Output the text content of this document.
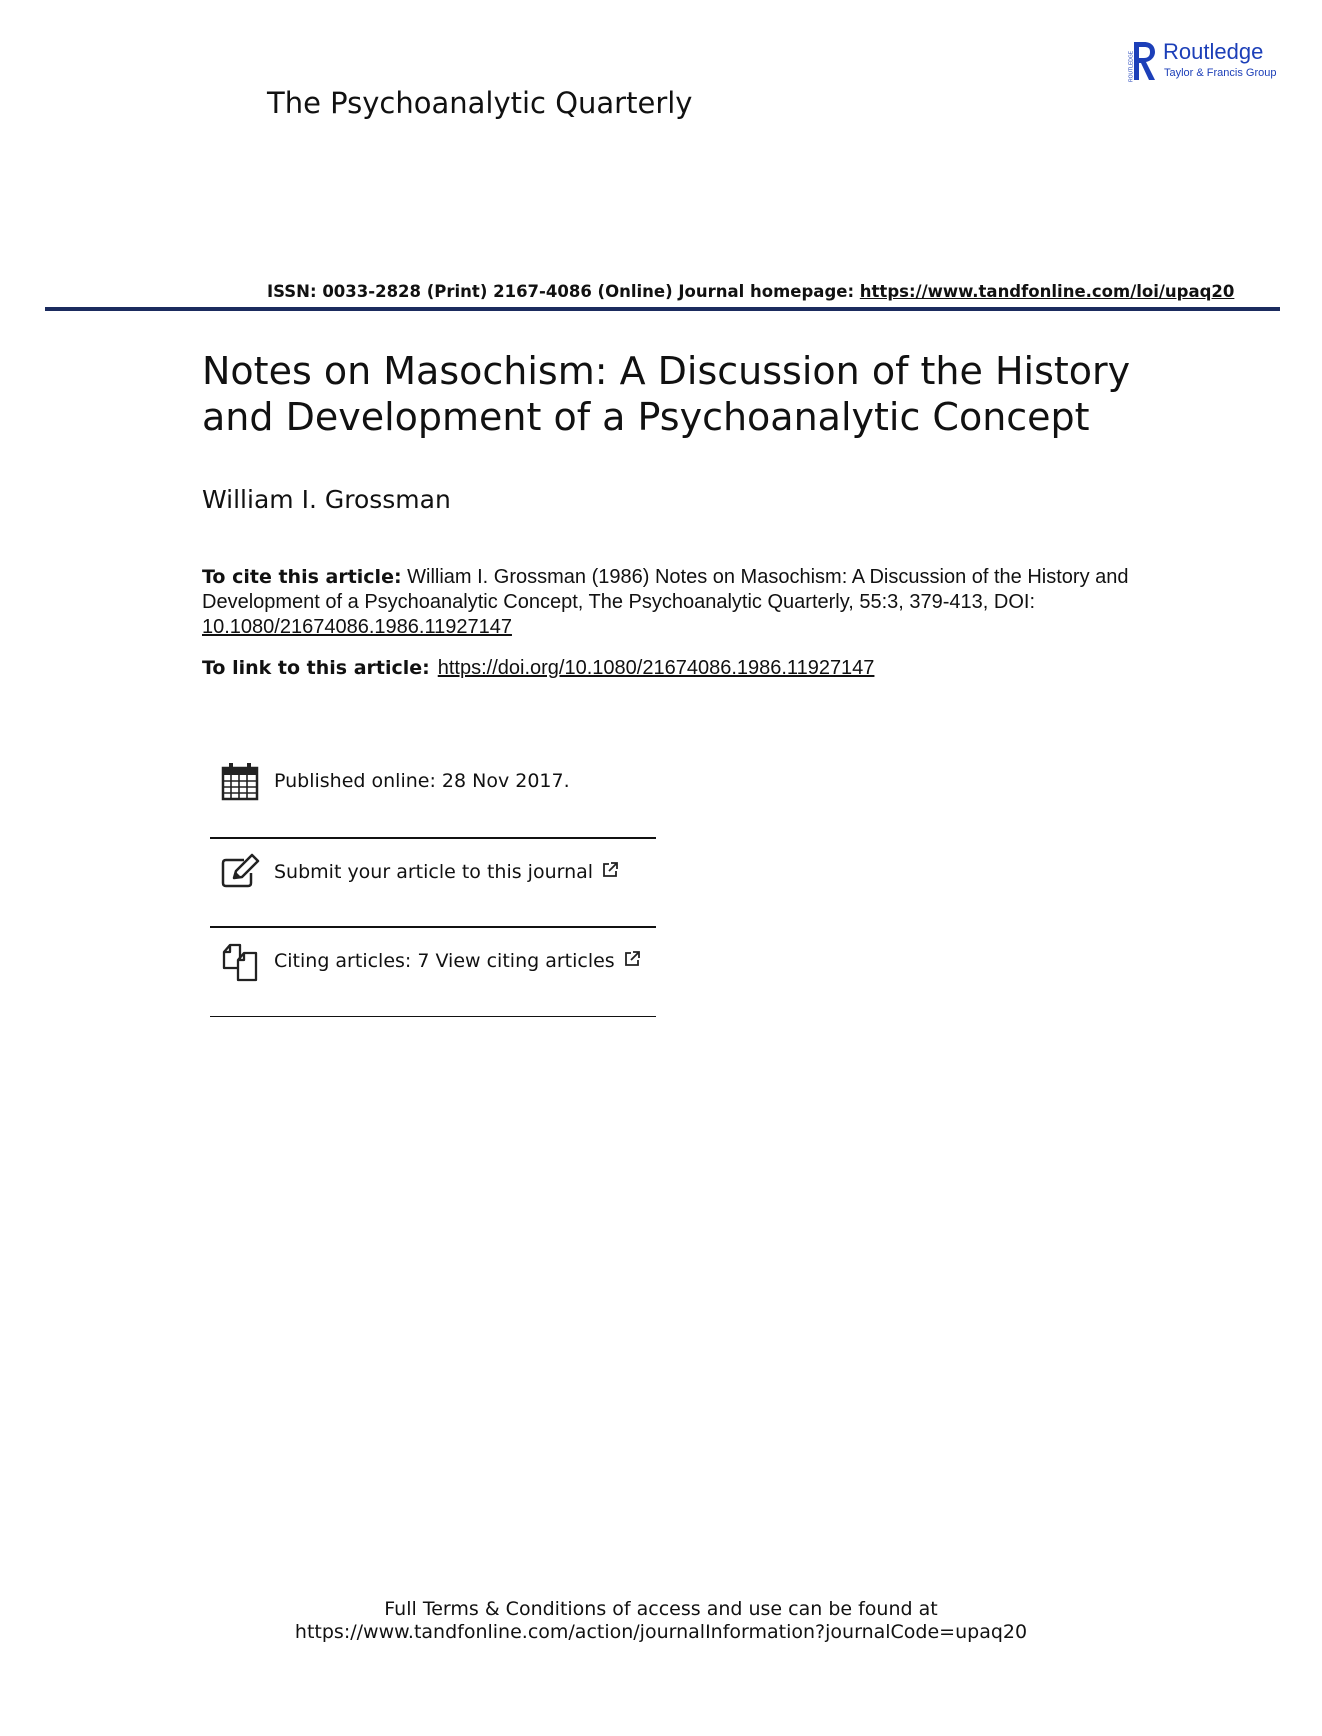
The Psychoanalytic Quarterly
ROUTLEDGE Routledge
Taylor & Francis Group
ISSN: 0033-2828 (Print) 2167-4086 (Online) Journal homepage: https://www.tandfonline.com/loi/upaq20
Notes on Masochism: A Discussion of the History and Development of a Psychoanalytic Concept
William I. Grossman
To cite this article: William I. Grossman (1986) Notes on Masochism: A Discussion of the History and Development of a Psychoanalytic Concept, The Psychoanalytic Quarterly, 55:3, 379-413, DOI: 10.1080/21674086.1986.11927147
To link to this article: https://doi.org/10.1080/21674086.1986.11927147
Published online: 28 Nov 2017.
Submit your article to this journal
Citing articles: 7 View citing articles
Full Terms & Conditions of access and use can be found at
https://www.tandfonline.com/action/journalInformation?journalCode=upaq20
